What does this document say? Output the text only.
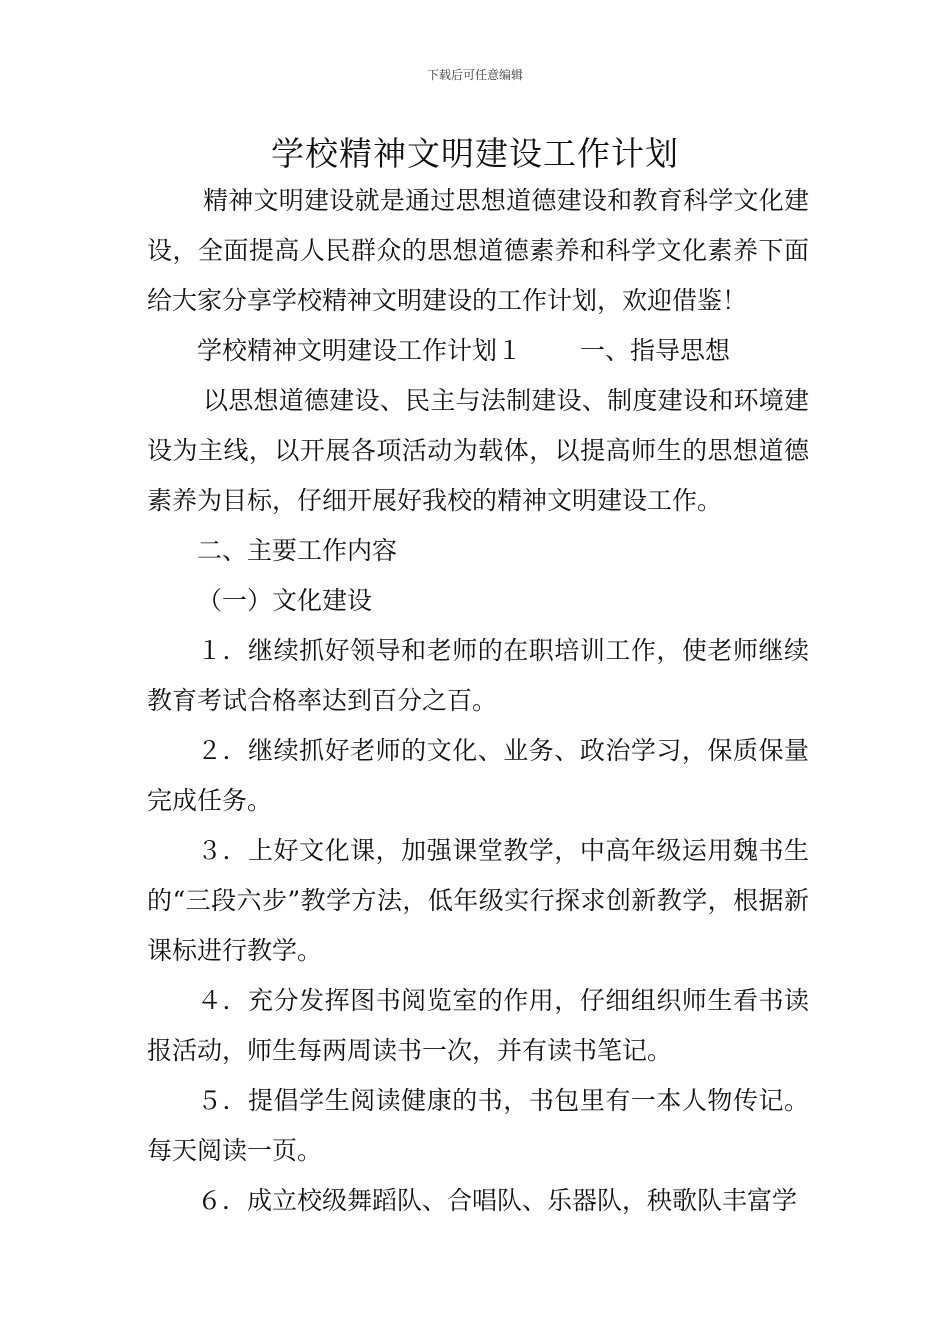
下载后可任意编辑
学校精神文明建设工作计划

精神文明建设就是通过思想道德建设和教育科学文化建设，全面提高人民群众的思想道德素养和科学文化素养下面给大家分享学校精神文明建设的工作计划，欢迎借鉴！

学校精神文明建设工作计划１ 一、指导思想

以思想道德建设、民主与法制建设、制度建设和环境建设为主线，以开展各项活动为载体，以提高师生的思想道德素养为目标，仔细开展好我校的精神文明建设工作。

二、主要工作内容

（一）文化建设

１．继续抓好领导和老师的在职培训工作，使老师继续教育考试合格率达到百分之百。

２．继续抓好老师的文化、业务、政治学习，保质保量完成任务。

３．上好文化课，加强课堂教学，中高年级运用魏书生的“三段六步”教学方法，低年级实行探求创新教学，根据新课标进行教学。

４．充分发挥图书阅览室的作用，仔细组织师生看书读报活动，师生每两周读书一次，并有读书笔记。

５．提倡学生阅读健康的书，书包里有一本人物传记。每天阅读一页。

６．成立校级舞蹈队、合唱队、乐器队，秧歌队丰富学
